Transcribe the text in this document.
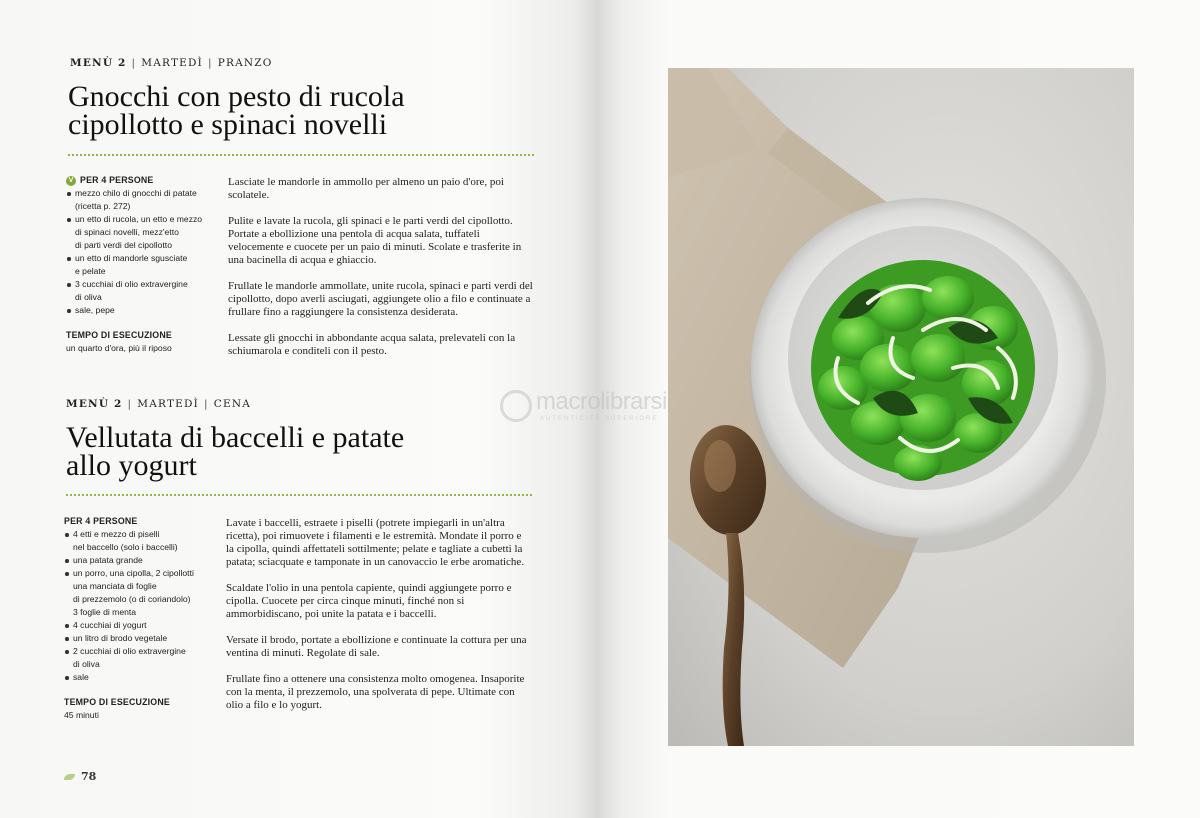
MENÙ 2 | MARTEDÌ | PRANZO
Gnocchi con pesto di rucola
cipollotto e spinaci novelli
V PER 4 PERSONE
mezzo chilo di gnocchi di patate
(ricetta p. 272)
un etto di rucola, un etto e mezzo
di spinaci novelli, mezz'etto
di parti verdi del cipollotto
un etto di mandorle sgusciate
e pelate
3 cucchiai di olio extravergine
di oliva
sale, pepe
TEMPO DI ESECUZIONE
un quarto d'ora, più il riposo

Lasciate le mandorle in ammollo per almeno un paio d'ore, poi scolatele.

Pulite e lavate la rucola, gli spinaci e le parti verdi del cipollotto. Portate a ebollizione una pentola di acqua salata, tuffateli velocemente e cuocete per un paio di minuti. Scolate e trasferite in una bacinella di acqua e ghiaccio.

Frullate le mandorle ammollate, unite rucola, spinaci e parti verdi del cipollotto, dopo averli asciugati, aggiungete olio a filo e continuate a frullare fino a raggiungere la consistenza desiderata.

Lessate gli gnocchi in abbondante acqua salata, prelevateli con la schiumarola e conditeli con il pesto.

MENÙ 2 | MARTEDÌ | CENA
Vellutata di baccelli e patate
allo yogurt
PER 4 PERSONE
4 etti e mezzo di piselli
nel baccello (solo i baccelli)
una patata grande
un porro, una cipolla, 2 cipollotti
una manciata di foglie
di prezzemolo (o di coriandolo)
3 foglie di menta
4 cucchiai di yogurt
un litro di brodo vegetale
2 cucchiai di olio extravergine
di oliva
sale
TEMPO DI ESECUZIONE
45 minuti

Lavate i baccelli, estraete i piselli (potrete impiegarli in un'altra ricetta), poi rimuovete i filamenti e le estremità. Mondate il porro e la cipolla, quindi affettateli sottilmente; pelate e tagliate a cubetti la patata; sciacquate e tamponate in un canovaccio le erbe aromatiche.

Scaldate l'olio in una pentola capiente, quindi aggiungete porro e cipolla. Cuocete per circa cinque minuti, finché non si ammorbidiscano, poi unite la patata e i baccelli.

Versate il brodo, portate a ebollizione e continuate la cottura per una ventina di minuti. Regolate di sale.

Frullate fino a ottenere una consistenza molto omogenea. Insaporite con la menta, il prezzemolo, una spolverata di pepe. Ultimate con olio a filo e lo yogurt.

78
macrolibrarsi
AUTENTICITÀ SUPERIORE
